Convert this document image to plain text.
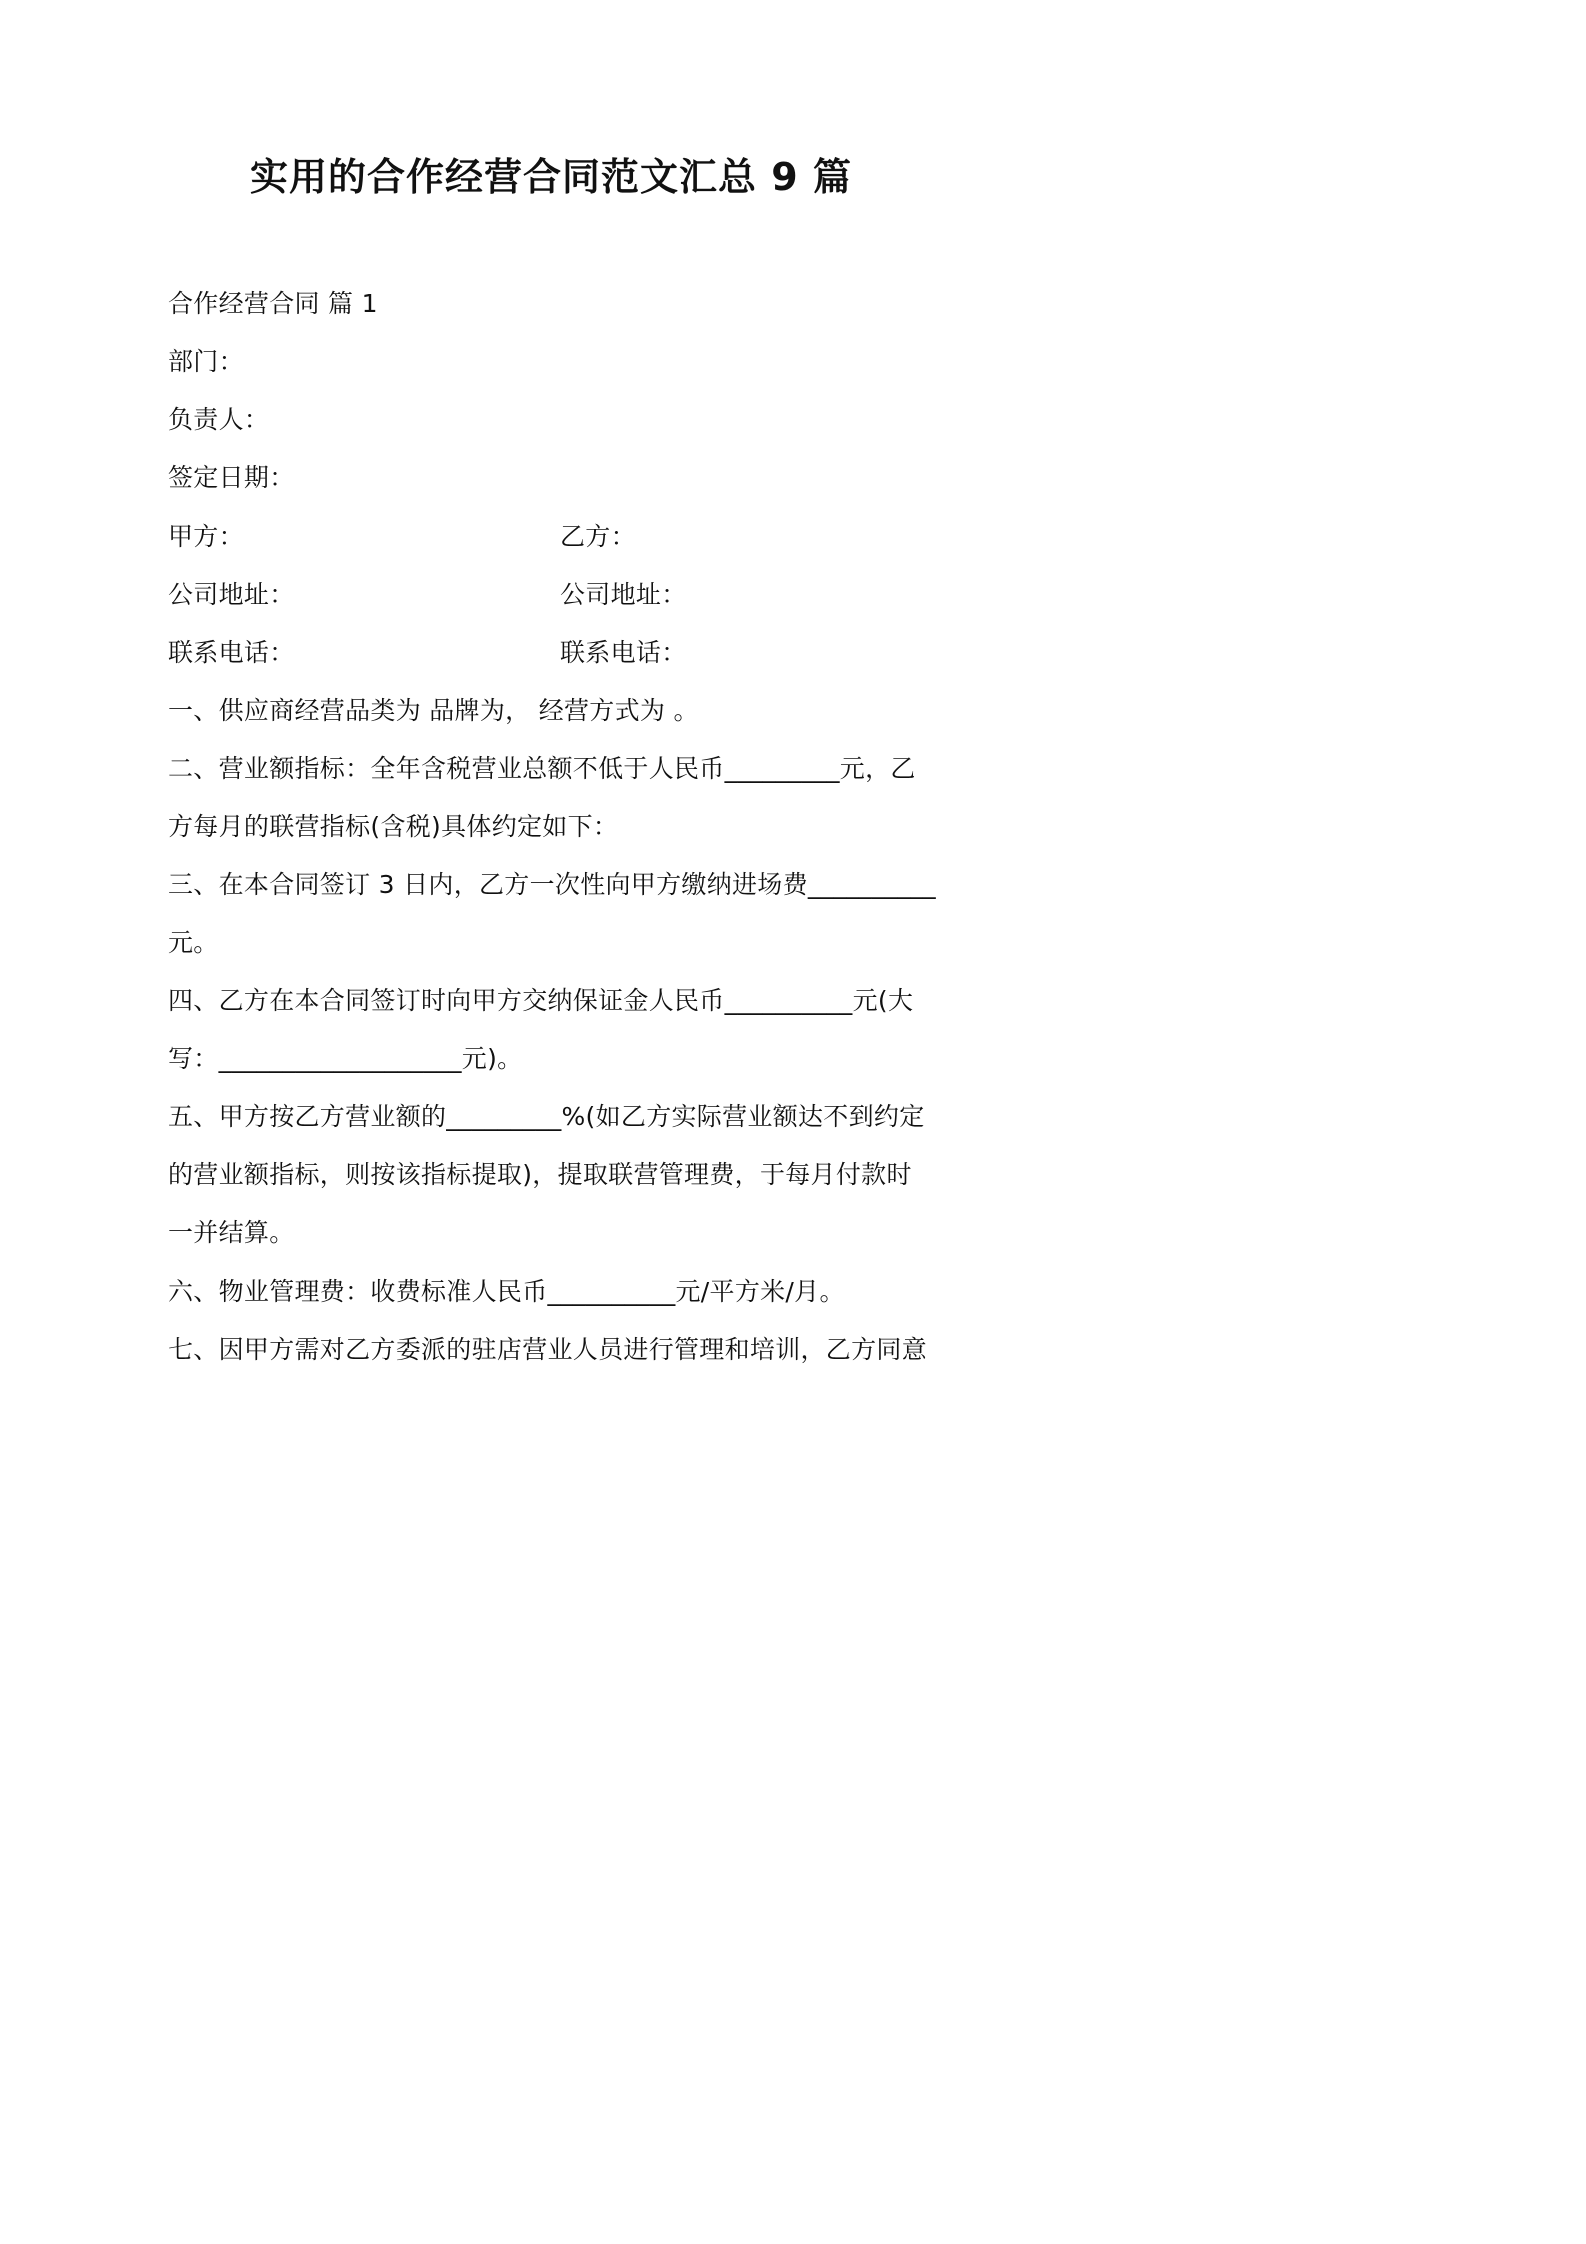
实用的合作经营合同范文汇总 9 篇
合作经营合同 篇 1
部门：
负责人：
签定日期：
甲方：	乙方：
公司地址：	公司地址：
联系电话：	联系电话：
一、供应商经营品类为 品牌为， 经营方式为 。
二、营业额指标：全年含税营业总额不低于人民币_________元，乙
方每月的联营指标(含税)具体约定如下：
三、在本合同签订 3 日内，乙方一次性向甲方缴纳进场费__________
元。
四、乙方在本合同签订时向甲方交纳保证金人民币__________元(大
写：___________________元)。
五、甲方按乙方营业额的_________%(如乙方实际营业额达不到约定
的营业额指标，则按该指标提取)，提取联营管理费，于每月付款时
一并结算。
六、物业管理费：收费标准人民币__________元/平方米/月。
七、因甲方需对乙方委派的驻店营业人员进行管理和培训，乙方同意
